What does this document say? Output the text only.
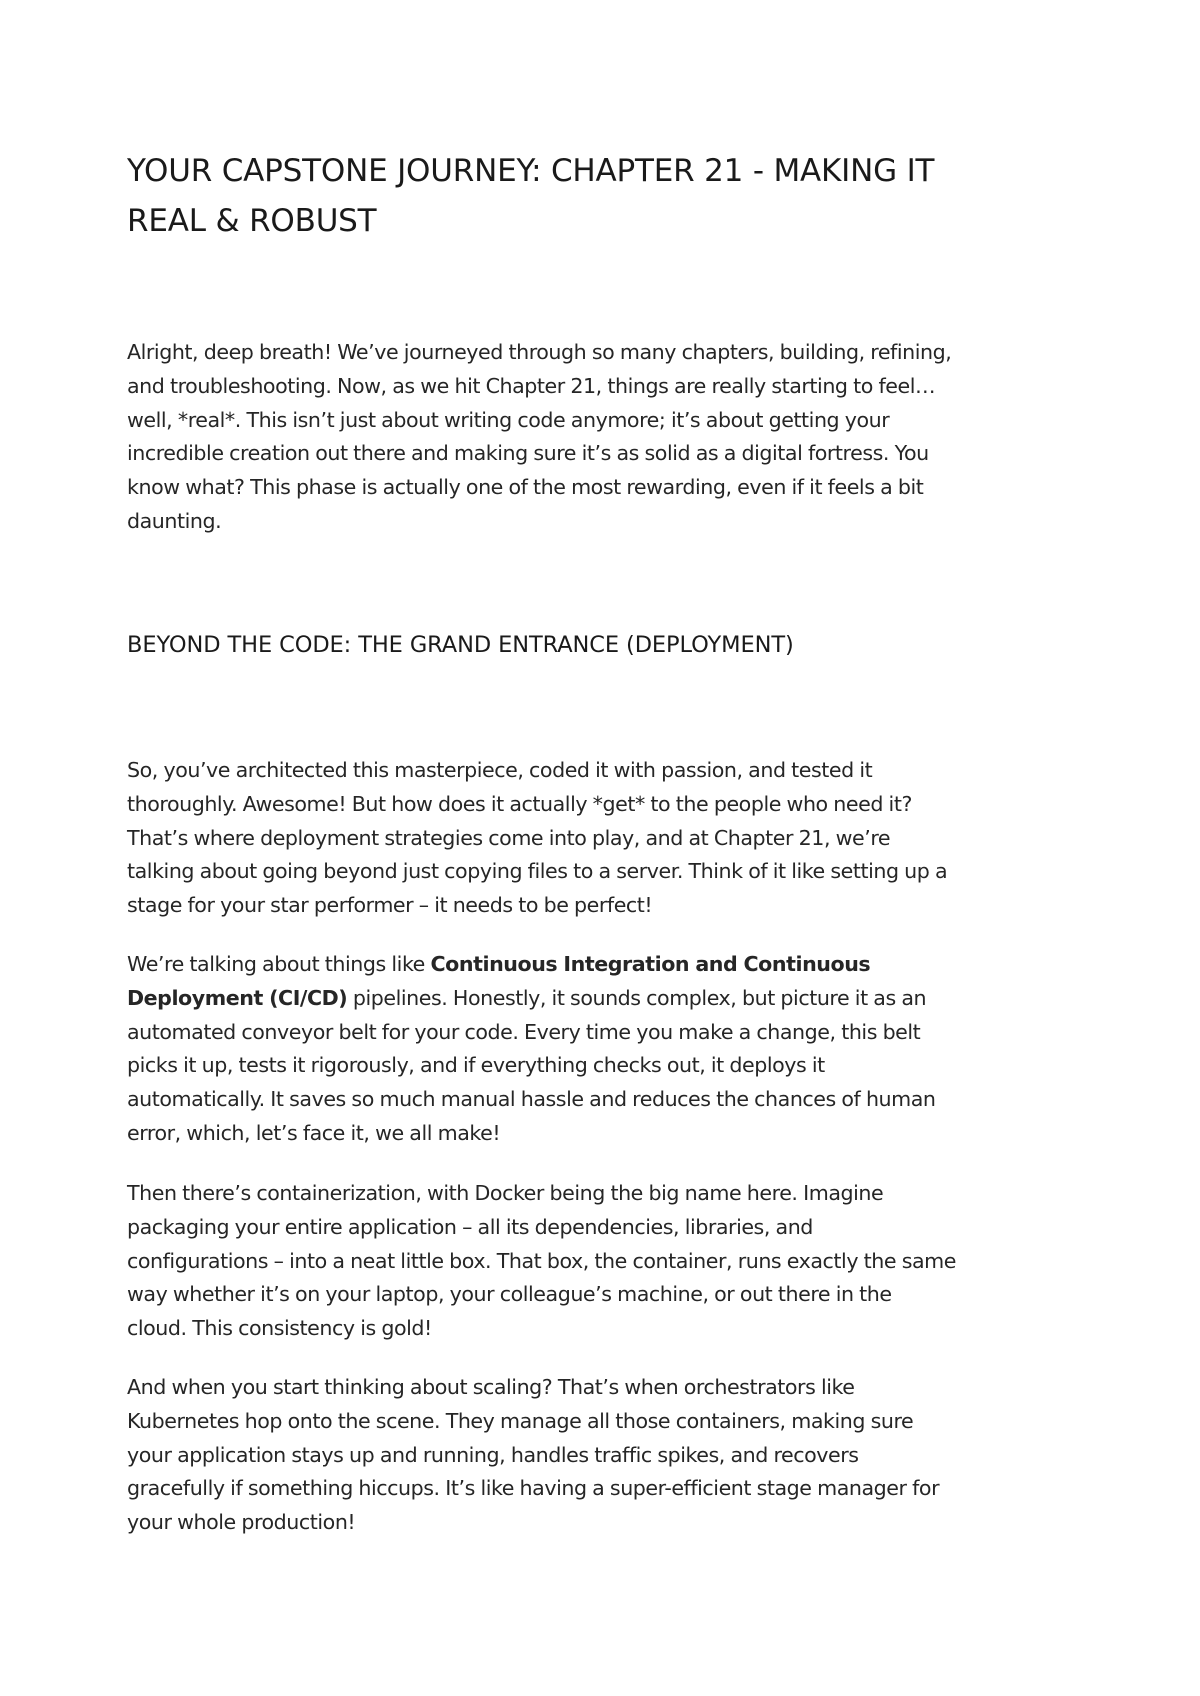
YOUR CAPSTONE JOURNEY: CHAPTER 21 - MAKING IT
REAL & ROBUST

Alright, deep breath! We’ve journeyed through so many chapters, building, refining,
and troubleshooting. Now, as we hit Chapter 21, things are really starting to feel…
well, *real*. This isn’t just about writing code anymore; it’s about getting your
incredible creation out there and making sure it’s as solid as a digital fortress. You
know what? This phase is actually one of the most rewarding, even if it feels a bit
daunting.

BEYOND THE CODE: THE GRAND ENTRANCE (DEPLOYMENT)

So, you’ve architected this masterpiece, coded it with passion, and tested it
thoroughly. Awesome! But how does it actually *get* to the people who need it?
That’s where deployment strategies come into play, and at Chapter 21, we’re
talking about going beyond just copying files to a server. Think of it like setting up a
stage for your star performer – it needs to be perfect!

We’re talking about things like Continuous Integration and Continuous
Deployment (CI/CD) pipelines. Honestly, it sounds complex, but picture it as an
automated conveyor belt for your code. Every time you make a change, this belt
picks it up, tests it rigorously, and if everything checks out, it deploys it
automatically. It saves so much manual hassle and reduces the chances of human
error, which, let’s face it, we all make!

Then there’s containerization, with Docker being the big name here. Imagine
packaging your entire application – all its dependencies, libraries, and
configurations – into a neat little box. That box, the container, runs exactly the same
way whether it’s on your laptop, your colleague’s machine, or out there in the
cloud. This consistency is gold!

And when you start thinking about scaling? That’s when orchestrators like
Kubernetes hop onto the scene. They manage all those containers, making sure
your application stays up and running, handles traffic spikes, and recovers
gracefully if something hiccups. It’s like having a super-efficient stage manager for
your whole production!
